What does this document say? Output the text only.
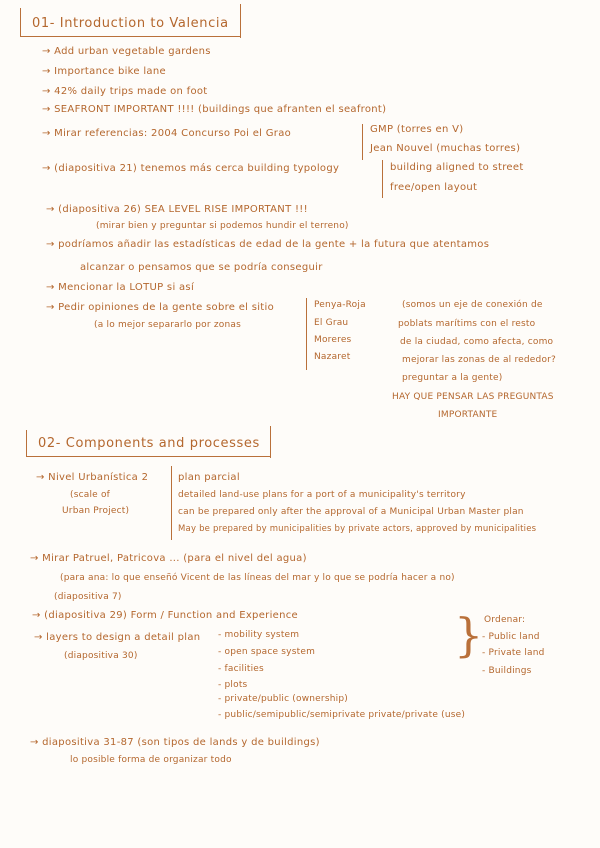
01- Introduction to Valencia
→ Add urban vegetable gardens
→ Importance bike lane
→ 42% daily trips made on foot
→ SEAFRONT IMPORTANT !!!! (buildings que afranten el seafront)
→ Mirar referencias: 2004 Concurso Poi el Grao	GMP (torres en V)
Jean Nouvel (muchas torres)
→ (diapositiva 21) tenemos más cerca building typology	building aligned to street
free/open layout
→ (diapositiva 26) SEA LEVEL RISE IMPORTANT !!!
(mirar bien y preguntar si podemos hundir el terreno)
→ podríamos añadir las estadísticas de edad de la gente + la futura que atentamos
alcanzar o pensamos que se podría conseguir
→ Mencionar la LOTUP si así
→ Pedir opiniones de la gente sobre el sitio
(a lo mejor separarlo por zonas
Penya-Roja
El Grau
Moreres
Nazaret
(somos un eje de conexión de
poblats marítims con el resto
de la ciudad, como afecta, como
mejorar las zonas de al rededor?
preguntar a la gente)
HAY QUE PENSAR LAS PREGUNTAS
IMPORTANTE
02- Components and processes
→ Nivel Urbanística 2
(scale of
Urban Project)
plan parcial
detailed land-use plans for a port of a municipality's territory
can be prepared only after the approval of a Municipal Urban Master plan
May be prepared by municipalities by private actors, approved by municipalities
→ Mirar Patruel, Patricova ... (para el nivel del agua)
(para ana: lo que enseñó Vicent de las líneas del mar y lo que se podría hacer a no)
(diapositiva 7)
→ (diapositiva 29) Form / Function and Experience
→ layers to design a detail plan
(diapositiva 30)
- mobility system
- open space system
- facilities
- plots
- private/public (ownership)
- public/semipublic/semiprivate private/private (use)
} Ordenar:
- Public land
- Private land
- Buildings
→ diapositiva 31-87 (son tipos de lands y de buildings)
lo posible forma de organizar todo
